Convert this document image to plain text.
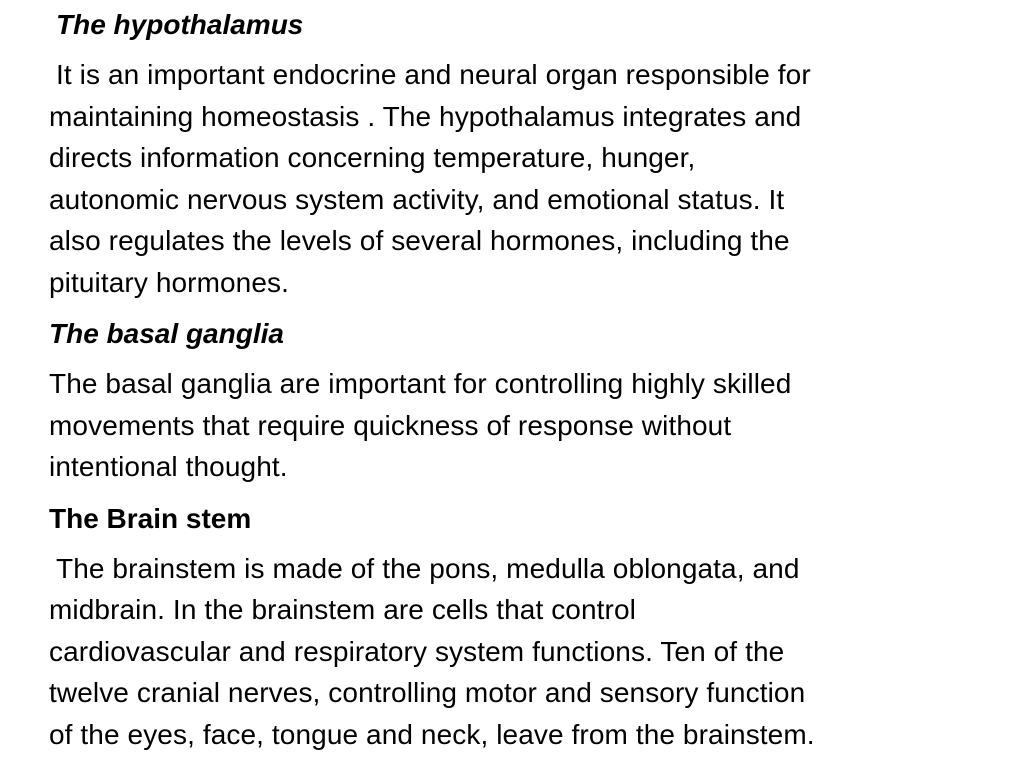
The hypothalamus

It is an important endocrine and neural organ responsible for
maintaining homeostasis . The hypothalamus integrates and
directs information concerning temperature, hunger,
autonomic nervous system activity, and emotional status. It
also regulates the levels of several hormones, including the
pituitary hormones.

The basal ganglia

The basal ganglia are important for controlling highly skilled
movements that require quickness of response without
intentional thought.

The Brain stem

The brainstem is made of the pons, medulla oblongata, and
midbrain. In the brainstem are cells that control
cardiovascular and respiratory system functions. Ten of the
twelve cranial nerves, controlling motor and sensory function
of the eyes, face, tongue and neck, leave from the brainstem.
